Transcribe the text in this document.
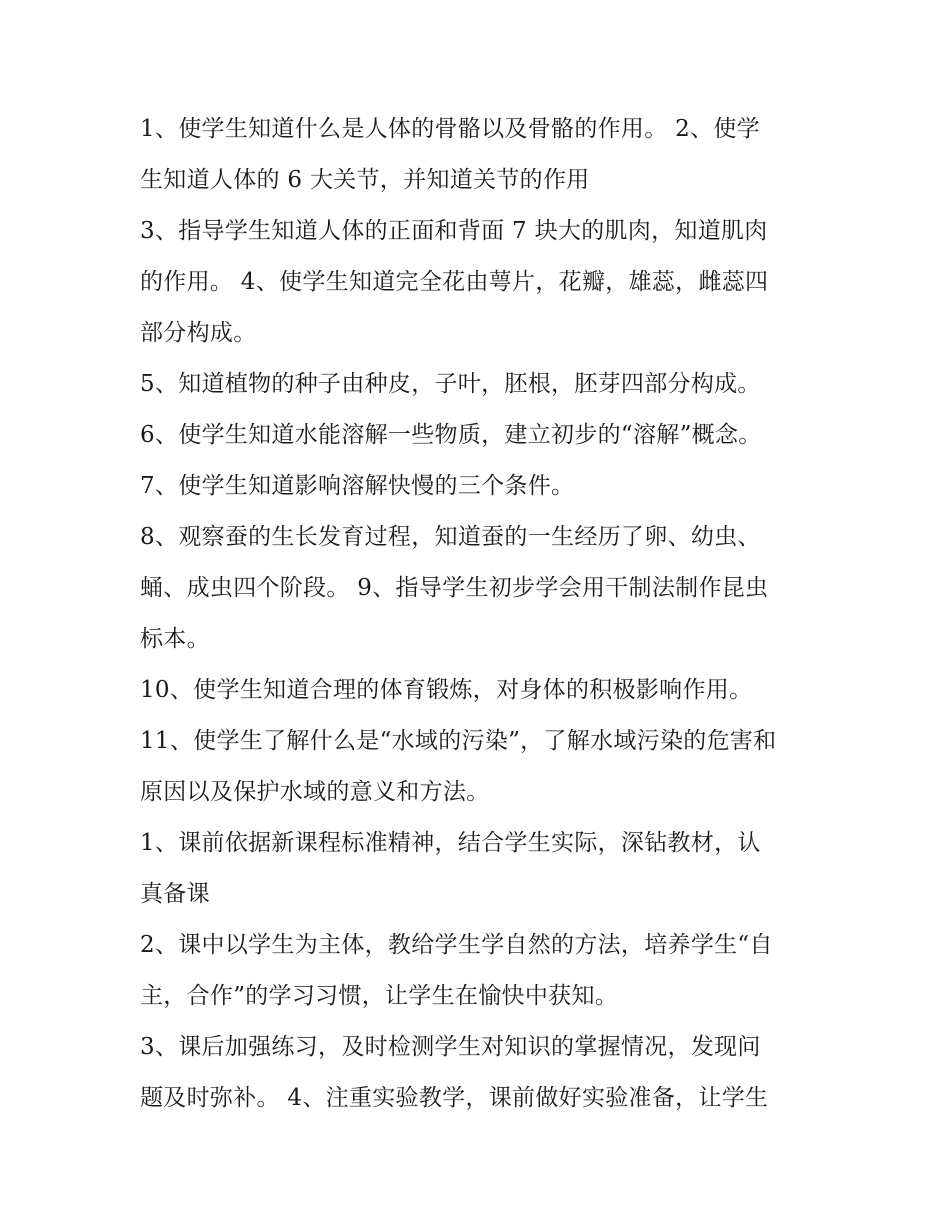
1、使学生知道什么是人体的骨骼以及骨骼的作用。 2、使学
生知道人体的 6 大关节，并知道关节的作用
3、指导学生知道人体的正面和背面 7 块大的肌肉，知道肌肉
的作用。 4、使学生知道完全花由萼片，花瓣，雄蕊，雌蕊四
部分构成。
5、知道植物的种子由种皮，子叶，胚根，胚芽四部分构成。
6、使学生知道水能溶解一些物质，建立初步的“溶解”概念。
7、使学生知道影响溶解快慢的三个条件。
8、观察蚕的生长发育过程，知道蚕的一生经历了卵、幼虫、
蛹、成虫四个阶段。 9、指导学生初步学会用干制法制作昆虫
标本。
10、使学生知道合理的体育锻炼，对身体的积极影响作用。
11、使学生了解什么是“水域的污染”，了解水域污染的危害和
原因以及保护水域的意义和方法。
1、课前依据新课程标准精神，结合学生实际，深钻教材，认
真备课
2、课中以学生为主体，教给学生学自然的方法，培养学生“自
主，合作”的学习习惯，让学生在愉快中获知。
3、课后加强练习，及时检测学生对知识的掌握情况，发现问
题及时弥补。 4、注重实验教学，课前做好实验准备，让学生
